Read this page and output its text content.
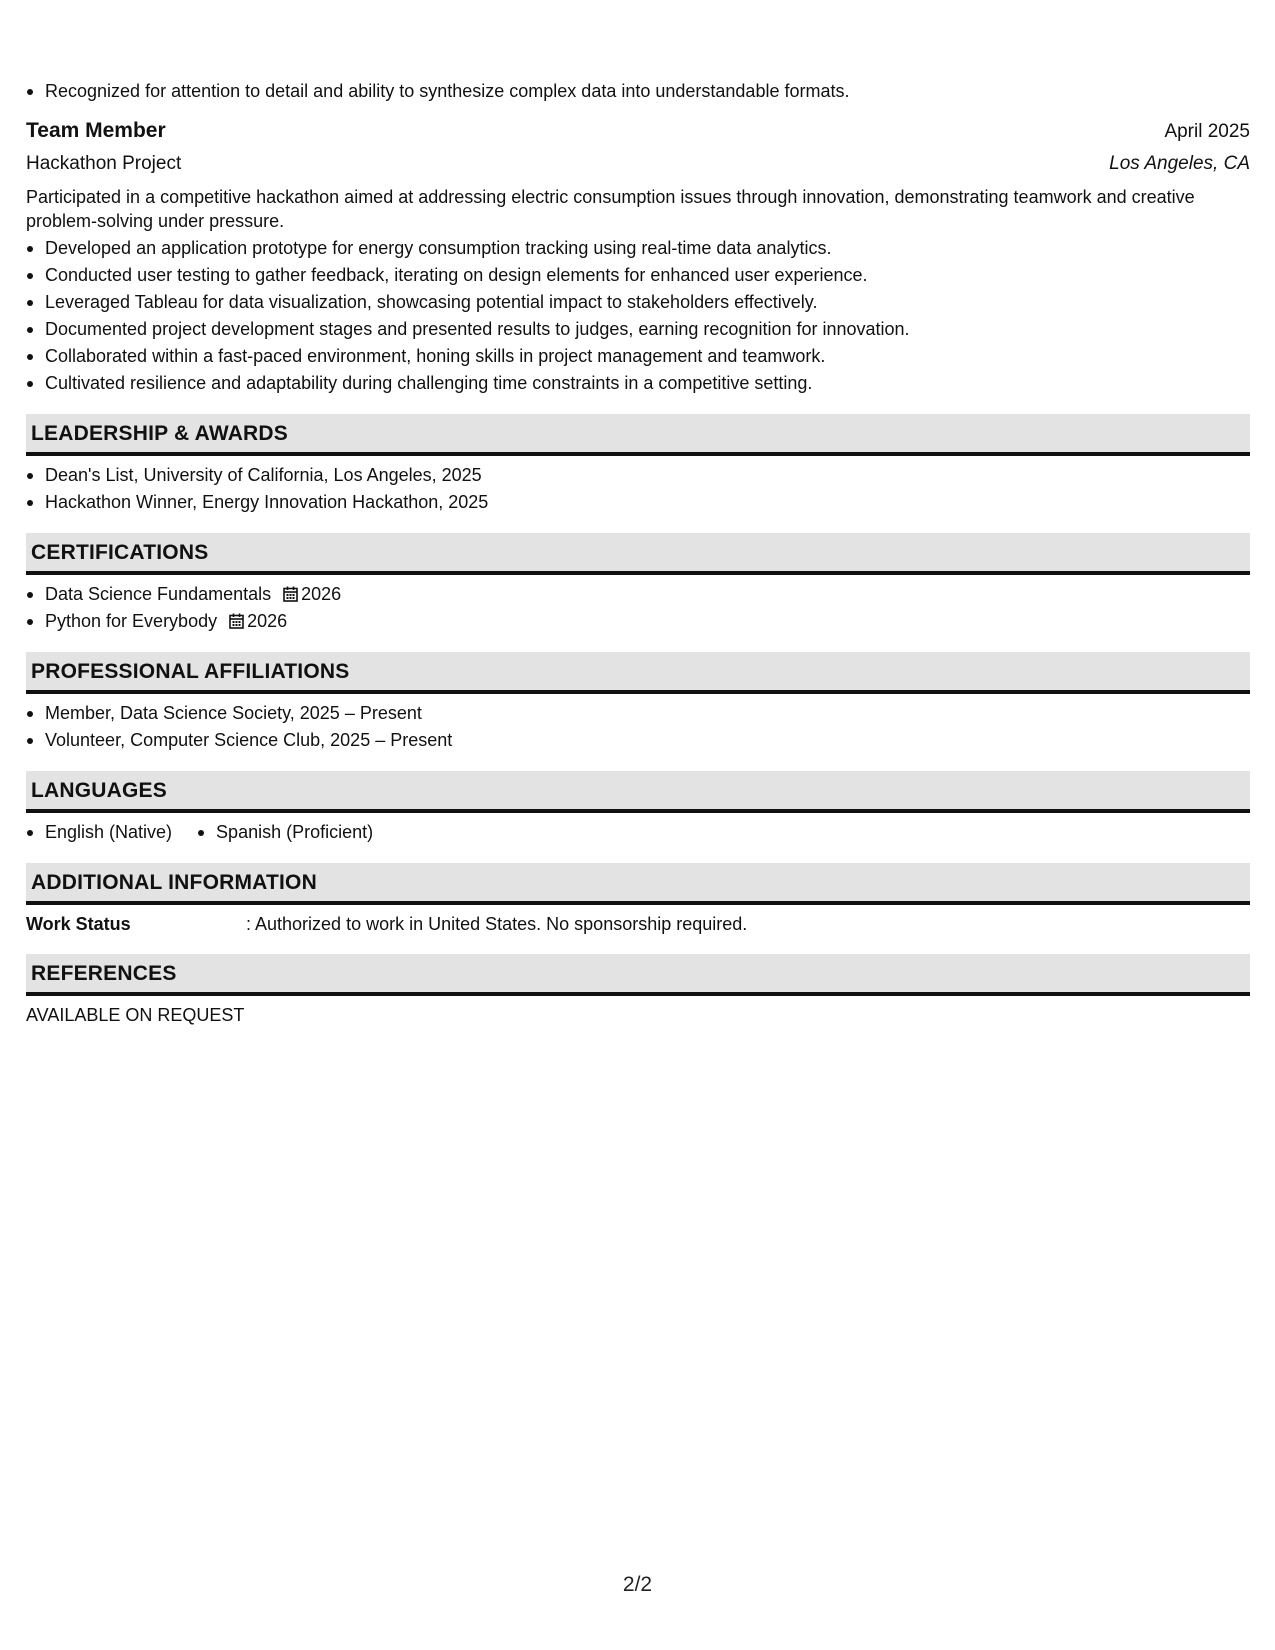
Recognized for attention to detail and ability to synthesize complex data into understandable formats.
Team Member	April 2025
Hackathon Project	Los Angeles, CA

Participated in a competitive hackathon aimed at addressing electric consumption issues through innovation, demonstrating teamwork and creative problem-solving under pressure.

Developed an application prototype for energy consumption tracking using real-time data analytics.
Conducted user testing to gather feedback, iterating on design elements for enhanced user experience.
Leveraged Tableau for data visualization, showcasing potential impact to stakeholders effectively.
Documented project development stages and presented results to judges, earning recognition for innovation.
Collaborated within a fast-paced environment, honing skills in project management and teamwork.
Cultivated resilience and adaptability during challenging time constraints in a competitive setting.
LEADERSHIP & AWARDS
Dean's List, University of California, Los Angeles, 2025
Hackathon Winner, Energy Innovation Hackathon, 2025
CERTIFICATIONS
Data Science Fundamentals 2026
Python for Everybody 2026
PROFESSIONAL AFFILIATIONS
Member, Data Science Society, 2025 – Present
Volunteer, Computer Science Club, 2025 – Present
LANGUAGES
English (Native)	Spanish (Proficient)
ADDITIONAL INFORMATION
Work Status	: Authorized to work in United States. No sponsorship required.
REFERENCES
AVAILABLE ON REQUEST
2/2
